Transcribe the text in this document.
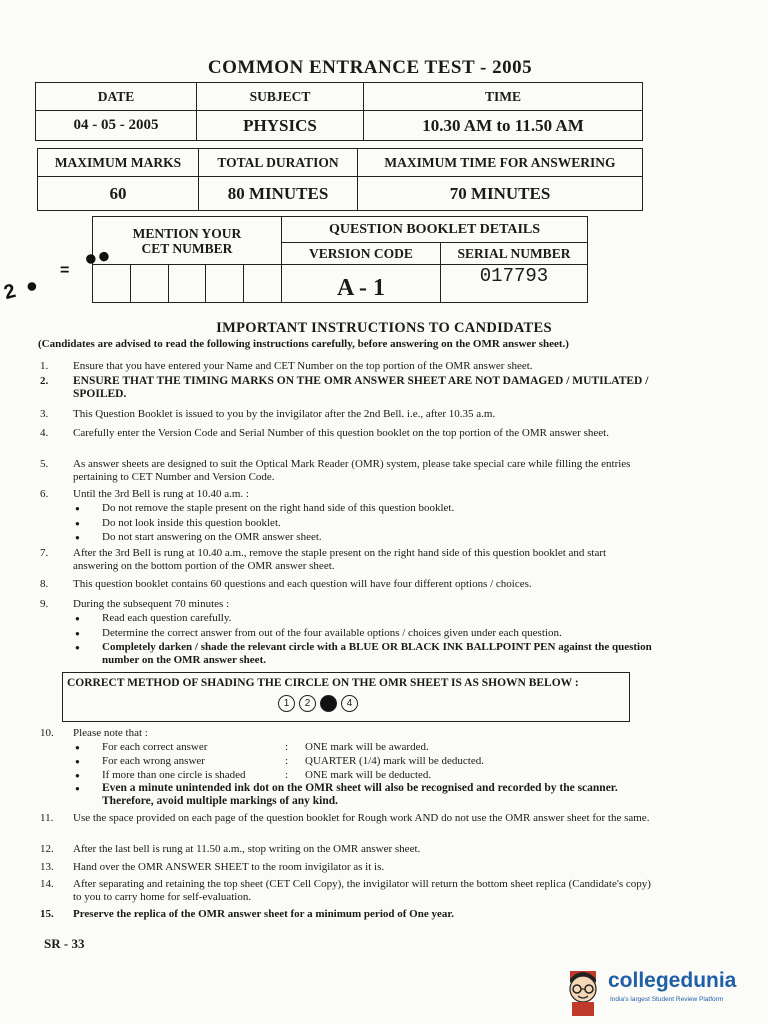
COMMON ENTRANCE TEST - 2005
DATE	SUBJECT	TIME
04 - 05 - 2005	PHYSICS	10.30 AM to 11.50 AM
MAXIMUM MARKS	TOTAL DURATION	MAXIMUM TIME FOR ANSWERING
60	80 MINUTES	70 MINUTES
MENTION YOUR
CET NUMBER					QUESTION BOOKLET DETAILS	
					VERSION CODE	SERIAL NUMBER
					A - 1	017793
2  ●
= ●●
IMPORTANT INSTRUCTIONS TO CANDIDATES
(Candidates are advised to read the following instructions carefully, before answering on the OMR answer sheet.)
1. Ensure that you have entered your Name and CET Number on the top portion of the OMR answer sheet.
2. ENSURE THAT THE TIMING MARKS ON THE OMR ANSWER SHEET ARE NOT DAMAGED / MUTILATED / SPOILED.
3. This Question Booklet is issued to you by the invigilator after the 2nd Bell. i.e., after 10.35 a.m.
4. Carefully enter the Version Code and Serial Number of this question booklet on the top portion of the OMR answer sheet.
5. As answer sheets are designed to suit the Optical Mark Reader (OMR) system, please take special care while filling the entries pertaining to CET Number and Version Code.
6. Until the 3rd Bell is rung at 10.40 a.m. :
Do not remove the staple present on the right hand side of this question booklet.
Do not look inside this question booklet.
Do not start answering on the OMR answer sheet.
7. After the 3rd Bell is rung at 10.40 a.m., remove the staple present on the right hand side of this question booklet and start answering on the bottom portion of the OMR answer sheet.
8. This question booklet contains 60 questions and each question will have four different options / choices.
9. During the subsequent 70 minutes :
Read each question carefully.
Determine the correct answer from out of the four available options / choices given under each question.
Completely darken / shade the relevant circle with a BLUE OR BLACK INK BALLPOINT PEN against the question number on the OMR answer sheet.
CORRECT METHOD OF SHADING THE CIRCLE ON THE OMR SHEET IS AS SHOWN BELOW :
1	2	4
10. Please note that :
For each correct answer	:	ONE mark will be awarded.
For each wrong answer	:	QUARTER (1/4) mark will be deducted.
If more than one circle is shaded	:	ONE mark will be deducted.
Even a minute unintended ink dot on the OMR sheet will also be recognised and recorded by the scanner. Therefore, avoid multiple markings of any kind.
11. Use the space provided on each page of the question booklet for Rough work AND do not use the OMR answer sheet for the same.
12. After the last bell is rung at 11.50 a.m., stop writing on the OMR answer sheet.
13. Hand over the OMR ANSWER SHEET to the room invigilator as it is.
14. After separating and retaining the top sheet (CET Cell Copy), the invigilator will return the bottom sheet replica (Candidate's copy) to you to carry home for self-evaluation.
15. Preserve the replica of the OMR answer sheet for a minimum period of One year.
SR - 33
collegedunia
India's largest Student Review Platform
